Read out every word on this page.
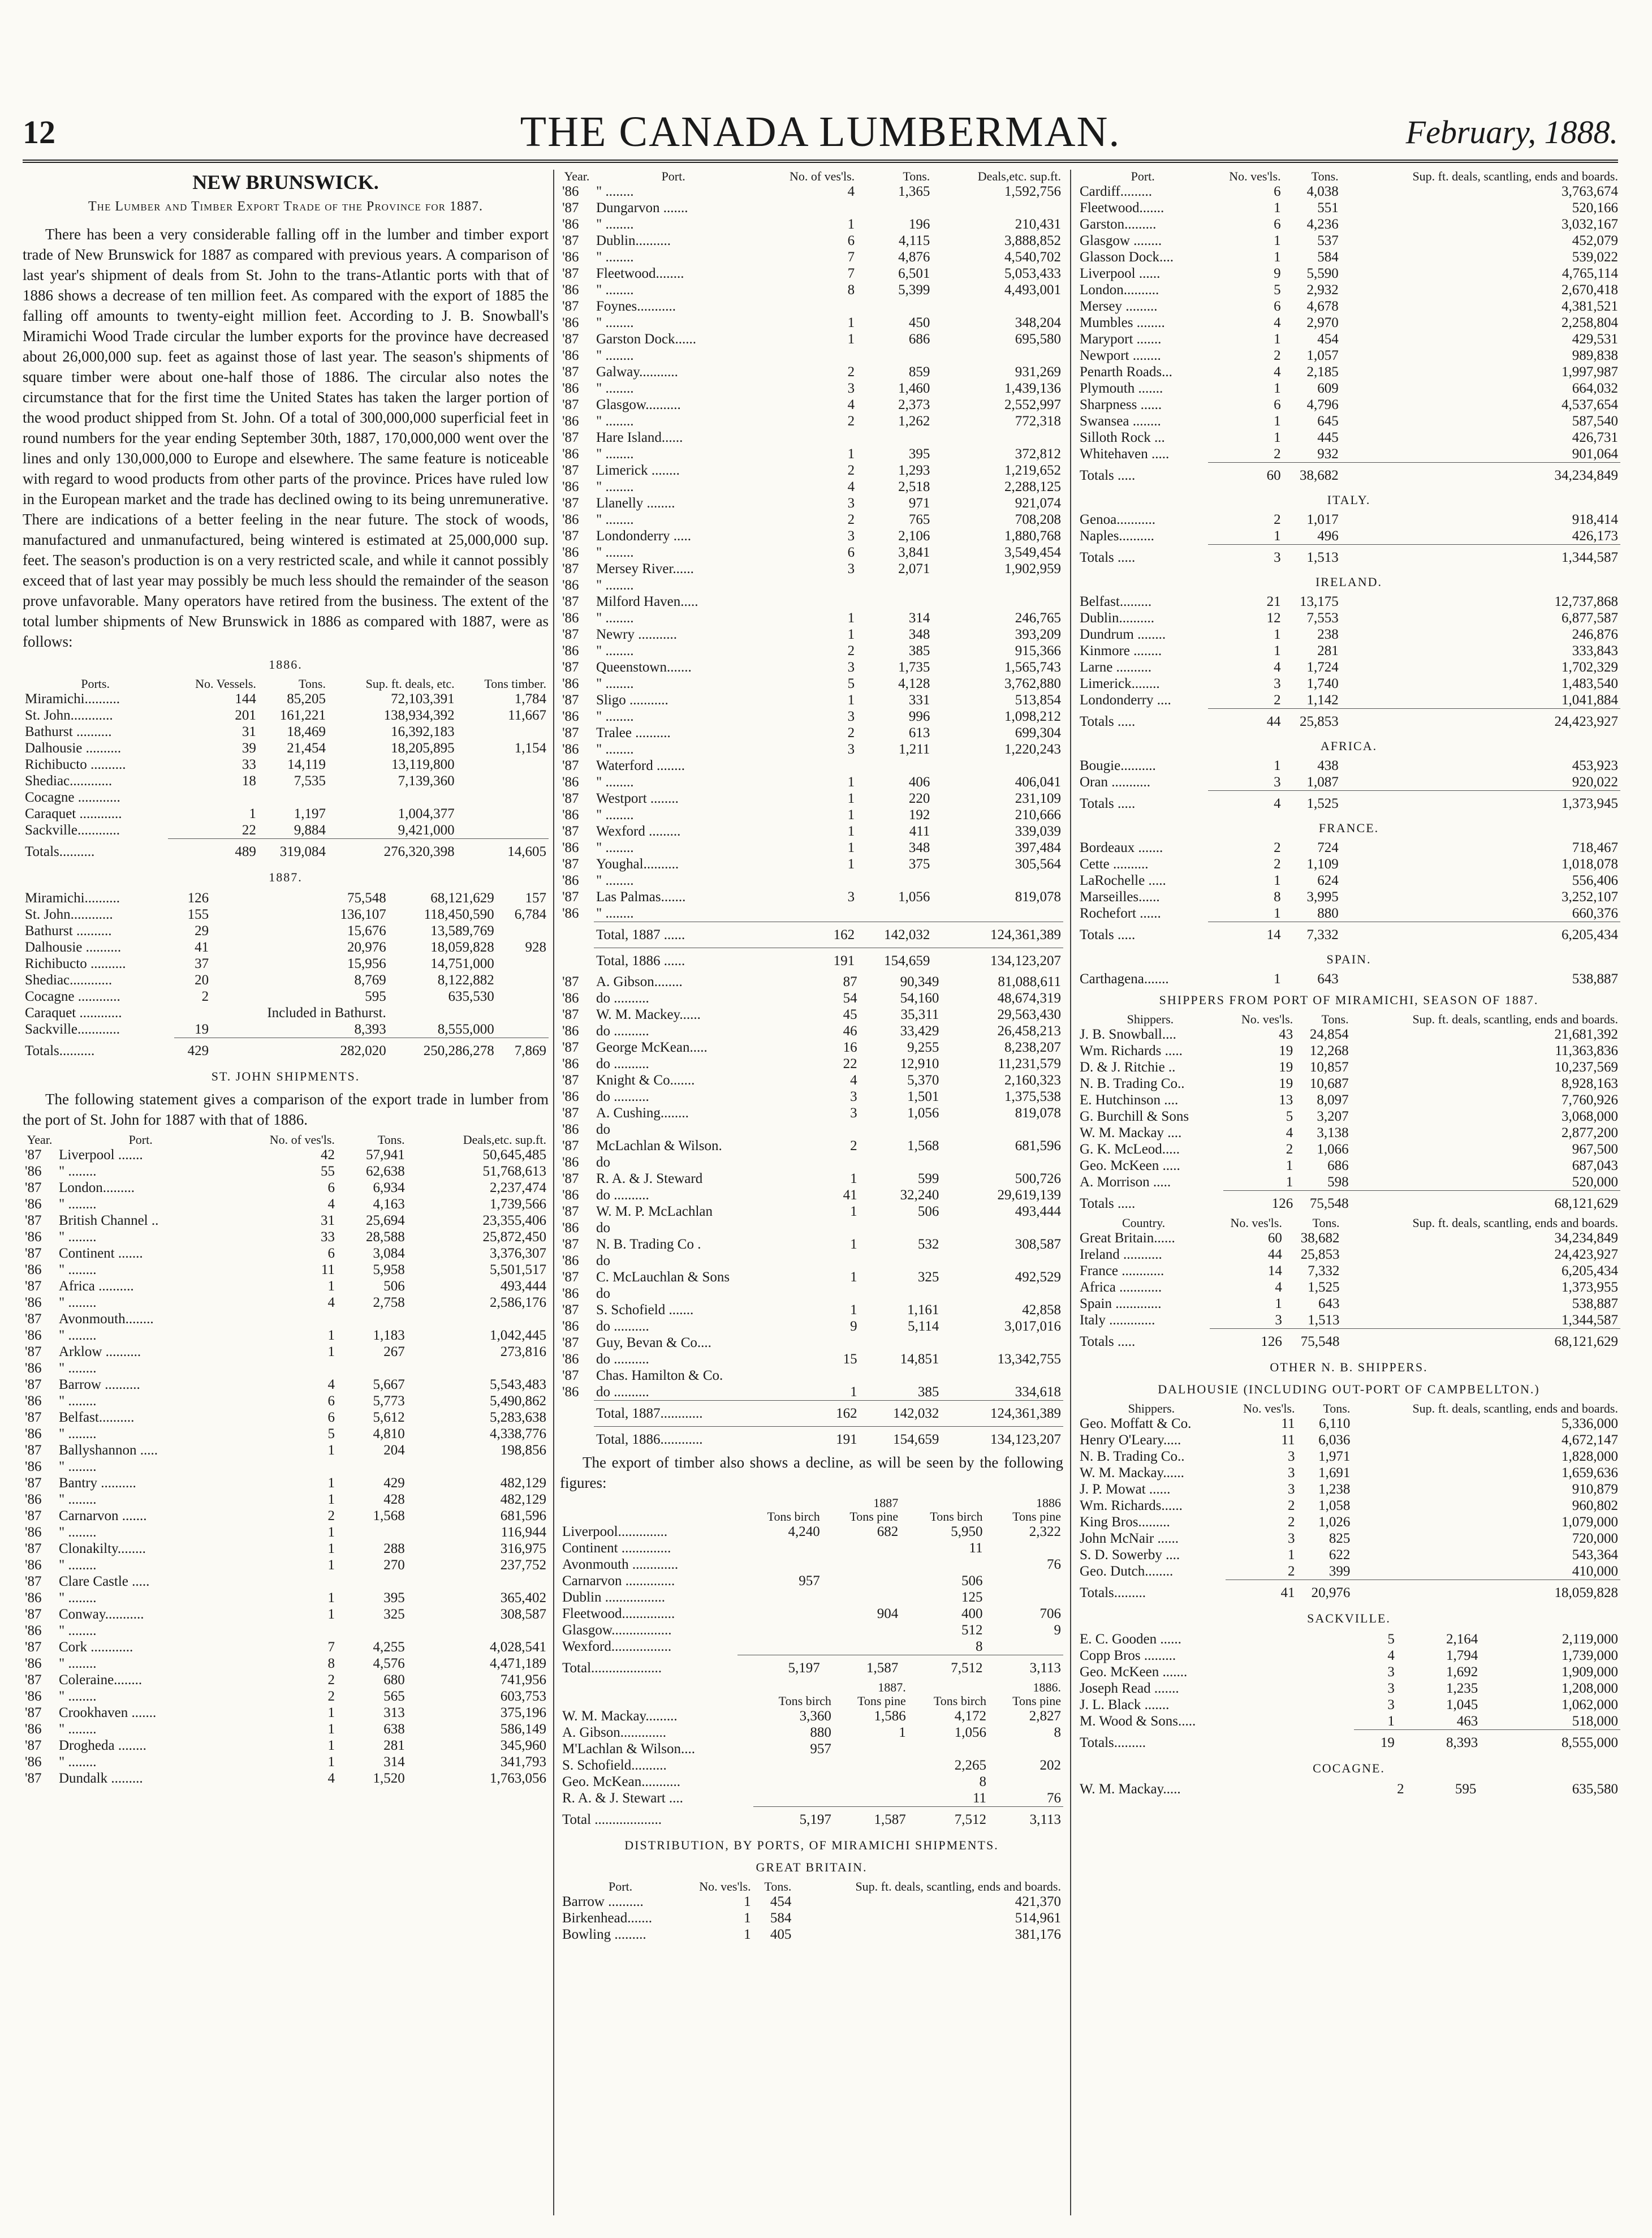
12	THE CANADA LUMBERMAN.	February, 1888.
NEW BRUNSWICK.
The Lumber and Timber Export Trade of the Province for 1887.

There has been a very considerable falling off in the lumber and timber export trade of New Brunswick for 1887 as compared with previous years. A comparison of last year's shipment of deals from St. John to the trans-Atlantic ports with that of 1886 shows a decrease of ten million feet. As compared with the export of 1885 the falling off amounts to twenty-eight million feet. According to J. B. Snowball's Miramichi Wood Trade circular the lumber exports for the province have decreased about 26,000,000 sup. feet as against those of last year. The season's shipments of square timber were about one-half those of 1886. The circular also notes the circumstance that for the first time the United States has taken the larger portion of the wood product shipped from St. John. Of a total of 300,000,000 superficial feet in round numbers for the year ending September 30th, 1887, 170,000,000 went over the lines and only 130,000,000 to Europe and elsewhere. The same feature is noticeable with regard to wood products from other parts of the province. Prices have ruled low in the European market and the trade has declined owing to its being unremunerative. There are indications of a better feeling in the near future. The stock of woods, manufactured and unmanufactured, being wintered is estimated at 25,000,000 sup. feet. The season's production is on a very restricted scale, and while it cannot possibly exceed that of last year may possibly be much less should the remainder of the season prove unfavorable. Many operators have retired from the business. The extent of the total lumber shipments of New Brunswick in 1886 as compared with 1887, were as follows:

1886.
Ports.	No. Vessels.	Tons.	Sup. ft. deals, etc.	Tons timber.
Miramichi..........	144	85,205	72,103,391	1,784
St. John............	201	161,221	138,934,392	11,667
Bathurst ..........	31	18,469	16,392,183	
Dalhousie ..........	39	21,454	18,205,895	1,154
Richibucto ..........	33	14,119	13,119,800	
Shediac............	18	7,535	7,139,360	
Cocagne ............				
Caraquet ............	1	1,197	1,004,377	
Sackville............	22	9,884	9,421,000	
Totals..........	489	319,084	276,320,398	14,605
1887.
Miramichi..........	126	75,548	68,121,629	157
St. John............	155	136,107	118,450,590	6,784
Bathurst ..........	29	15,676	13,589,769	
Dalhousie ..........	41	20,976	18,059,828	928
Richibucto ..........	37	15,956	14,751,000	
Shediac............	20	8,769	8,122,882	
Cocagne ............	2	595	635,530	
Caraquet ............		Included in Bathurst.		
Sackville............	19	8,393	8,555,000	
Totals..........	429	282,020	250,286,278	7,869
ST. JOHN SHIPMENTS.

The following statement gives a comparison of the export trade in lumber from the port of St. John for 1887 with that of 1886.

Year.	Port.	No. of ves'ls.	Tons.	Deals,etc. sup.ft.
'87	Liverpool .......	42	57,941	50,645,485
'86	" ........	55	62,638	51,768,613
'87	London.........	6	6,934	2,237,474
'86	" ........	4	4,163	1,739,566
'87	British Channel ..	31	25,694	23,355,406
'86	" ........	33	28,588	25,872,450
'87	Continent .......	6	3,084	3,376,307
'86	" ........	11	5,958	5,501,517
'87	Africa ..........	1	506	493,444
'86	" ........	4	2,758	2,586,176
'87	Avonmouth........			
'86	" ........	1	1,183	1,042,445
'87	Arklow ..........	1	267	273,816
'86	" ........			
'87	Barrow ..........	4	5,667	5,543,483
'86	" ........	6	5,773	5,490,862
'87	Belfast..........	6	5,612	5,283,638
'86	" ........	5	4,810	4,338,776
'87	Ballyshannon .....	1	204	198,856
'86	" ........			
'87	Bantry ..........	1	429	482,129
'86	" ........	1	428	482,129
'87	Carnarvon .......	2	1,568	681,596
'86	" ........	1		116,944
'87	Clonakilty........	1	288	316,975
'86	" ........	1	270	237,752
'87	Clare Castle .....			
'86	" ........	1	395	365,402
'87	Conway...........	1	325	308,587
'86	" ........			
'87	Cork ............	7	4,255	4,028,541
'86	" ........	8	4,576	4,471,189
'87	Coleraine........	2	680	741,956
'86	" ........	2	565	603,753
'87	Crookhaven .......	1	313	375,196
'86	" ........	1	638	586,149
'87	Drogheda ........	1	281	345,960
'86	" ........	1	314	341,793
'87	Dundalk .........	4	1,520	1,763,056
Year.	Port.	No. of ves'ls.	Tons.	Deals,etc. sup.ft.
'86	" ........	4	1,365	1,592,756
'87	Dungarvon .......			
'86	" ........	1	196	210,431
'87	Dublin..........	6	4,115	3,888,852
'86	" ........	7	4,876	4,540,702
'87	Fleetwood........	7	6,501	5,053,433
'86	" ........	8	5,399	4,493,001
'87	Foynes...........			
'86	" ........	1	450	348,204
'87	Garston Dock......	1	686	695,580
'86	" ........			
'87	Galway...........	2	859	931,269
'86	" ........	3	1,460	1,439,136
'87	Glasgow..........	4	2,373	2,552,997
'86	" ........	2	1,262	772,318
'87	Hare Island......			
'86	" ........	1	395	372,812
'87	Limerick ........	2	1,293	1,219,652
'86	" ........	4	2,518	2,288,125
'87	Llanelly ........	3	971	921,074
'86	" ........	2	765	708,208
'87	Londonderry .....	3	2,106	1,880,768
'86	" ........	6	3,841	3,549,454
'87	Mersey River......	3	2,071	1,902,959
'86	" ........			
'87	Milford Haven.....			
'86	" ........	1	314	246,765
'87	Newry ...........	1	348	393,209
'86	" ........	2	385	915,366
'87	Queenstown.......	3	1,735	1,565,743
'86	" ........	5	4,128	3,762,880
'87	Sligo ...........	1	331	513,854
'86	" ........	3	996	1,098,212
'87	Tralee ..........	2	613	699,304
'86	" ........	3	1,211	1,220,243
'87	Waterford ........			
'86	" ........	1	406	406,041
'87	Westport ........	1	220	231,109
'86	" ........	1	192	210,666
'87	Wexford .........	1	411	339,039
'86	" ........	1	348	397,484
'87	Youghal..........	1	375	305,564
'86	" ........			
'87	Las Palmas.......	3	1,056	819,078
'86	" ........			
	Total, 1887 ......	162	142,032	124,361,389
	Total, 1886 ......	191	154,659	134,123,207
'87	A. Gibson........	87	90,349	81,088,611
'86	do ..........	54	54,160	48,674,319
'87	W. M. Mackey......	45	35,311	29,563,430
'86	do ..........	46	33,429	26,458,213
'87	George McKean.....	16	9,255	8,238,207
'86	do ..........	22	12,910	11,231,579
'87	Knight & Co.......	4	5,370	2,160,323
'86	do ..........	3	1,501	1,375,538
'87	A. Cushing........	3	1,056	819,078
'86	do			
'87	McLachlan & Wilson.	2	1,568	681,596
'86	do			
'87	R. A. & J. Steward	1	599	500,726
'86	do ..........	41	32,240	29,619,139
'87	W. M. P. McLachlan	1	506	493,444
'86	do			
'87	N. B. Trading Co .	1	532	308,587
'86	do			
'87	C. McLauchlan & Sons	1	325	492,529
'86	do			
'87	S. Schofield .......	1	1,161	42,858
'86	do ..........	9	5,114	3,017,016
'87	Guy, Bevan & Co....			
'86	do ..........	15	14,851	13,342,755
'87	Chas. Hamilton & Co.			
'86	do ..........	1	385	334,618
	Total, 1887............	162	142,032	124,361,389
	Total, 1886............	191	154,659	134,123,207

The export of timber also shows a decline, as will be seen by the following figures:

	1887		1886	
	Tons birch	Tons pine	Tons birch	Tons pine
Liverpool..............	4,240	682	5,950	2,322
Continent ..............			11	
Avonmouth .............				76
Carnarvon ..............	957		506	
Dublin .................			125	
Fleetwood...............		904	400	706
Glasgow.................			512	9
Wexford.................			8	
Total....................	5,197	1,587	7,512	3,113
	1887.		1886.	
	Tons birch	Tons pine	Tons birch	Tons pine
W. M. Mackay.........	3,360	1,586	4,172	2,827
A. Gibson.............	880	1	1,056	8
M'Lachlan & Wilson....	957			
S. Schofield..........			2,265	202
Geo. McKean...........			8	
R. A. & J. Stewart ....			11	76
Total ...................	5,197	1,587	7,512	3,113
DISTRIBUTION, BY PORTS, OF MIRAMICHI SHIPMENTS.
GREAT BRITAIN.
Port.	No. ves'ls.	Tons.	Sup. ft. deals, scantling, ends and boards.
Barrow ..........	1	454	421,370
Birkenhead.......	1	584	514,961
Bowling .........	1	405	381,176
Port.	No. ves'ls.	Tons.	Sup. ft. deals, scantling, ends and boards.
Cardiff.........	6	4,038	3,763,674
Fleetwood.......	1	551	520,166
Garston.........	6	4,236	3,032,167
Glasgow ........	1	537	452,079
Glasson Dock....	1	584	539,022
Liverpool ......	9	5,590	4,765,114
London..........	5	2,932	2,670,418
Mersey .........	6	4,678	4,381,521
Mumbles ........	4	2,970	2,258,804
Maryport .......	1	454	429,531
Newport ........	2	1,057	989,838
Penarth Roads...	4	2,185	1,997,987
Plymouth .......	1	609	664,032
Sharpness ......	6	4,796	4,537,654
Swansea ........	1	645	587,540
Silloth Rock ...	1	445	426,731
Whitehaven .....	2	932	901,064
Totals .....	60	38,682	34,234,849
ITALY.			
Genoa...........	2	1,017	918,414
Naples..........	1	496	426,173
Totals .....	3	1,513	1,344,587
IRELAND.			
Belfast.........	21	13,175	12,737,868
Dublin..........	12	7,553	6,877,587
Dundrum ........	1	238	246,876
Kinmore ........	1	281	333,843
Larne ..........	4	1,724	1,702,329
Limerick........	3	1,740	1,483,540
Londonderry ....	2	1,142	1,041,884
Totals .....	44	25,853	24,423,927
AFRICA.			
Bougie..........	1	438	453,923
Oran ...........	3	1,087	920,022
Totals .....	4	1,525	1,373,945
FRANCE.			
Bordeaux .......	2	724	718,467
Cette ..........	2	1,109	1,018,078
LaRochelle .....	1	624	556,406
Marseilles......	8	3,995	3,252,107
Rochefort ......	1	880	660,376
Totals .....	14	7,332	6,205,434
SPAIN.			
Carthagena.......	1	643	538,887
SHIPPERS FROM PORT OF MIRAMICHI, SEASON OF 1887.
Shippers.	No. ves'ls.	Tons.	Sup. ft. deals, scantling, ends and boards.
J. B. Snowball....	43	24,854	21,681,392
Wm. Richards .....	19	12,268	11,363,836
D. & J. Ritchie ..	19	10,857	10,237,569
N. B. Trading Co..	19	10,687	8,928,163
E. Hutchinson ....	13	8,097	7,760,926
G. Burchill & Sons	5	3,207	3,068,000
W. M. Mackay ....	4	3,138	2,877,200
G. K. McLeod.....	2	1,066	967,500
Geo. McKeen .....	1	686	687,043
A. Morrison .....	1	598	520,000
Totals .....	126	75,548	68,121,629
Country.	No. ves'ls.	Tons.	Sup. ft. deals, scantling, ends and boards.
Great Britain......	60	38,682	34,234,849
Ireland ...........	44	25,853	24,423,927
France ............	14	7,332	6,205,434
Africa ............	4	1,525	1,373,955
Spain .............	1	643	538,887
Italy .............	3	1,513	1,344,587
Totals .....	126	75,548	68,121,629
OTHER N. B. SHIPPERS.
DALHOUSIE (INCLUDING OUT-PORT OF CAMPBELLTON.)
Shippers.	No. ves'ls.	Tons.	Sup. ft. deals, scantling, ends and boards.
Geo. Moffatt & Co.	11	6,110	5,336,000
Henry O'Leary.....	11	6,036	4,672,147
N. B. Trading Co..	3	1,971	1,828,000
W. M. Mackay......	3	1,691	1,659,636
J. P. Mowat ......	3	1,238	910,879
Wm. Richards......	2	1,058	960,802
King Bros.........	2	1,026	1,079,000
John McNair ......	3	825	720,000
S. D. Sowerby ....	1	622	543,364
Geo. Dutch........	2	399	410,000
Totals.........	41	20,976	18,059,828
SACKVILLE.
E. C. Gooden ......	5	2,164	2,119,000
Copp Bros .........	4	1,794	1,739,000
Geo. McKeen .......	3	1,692	1,909,000
Joseph Read .......	3	1,235	1,208,000
J. L. Black .......	3	1,045	1,062,000
M. Wood & Sons.....	1	463	518,000
Totals.........	19	8,393	8,555,000
COCAGNE.
W. M. Mackay.....	2	595	635,580
